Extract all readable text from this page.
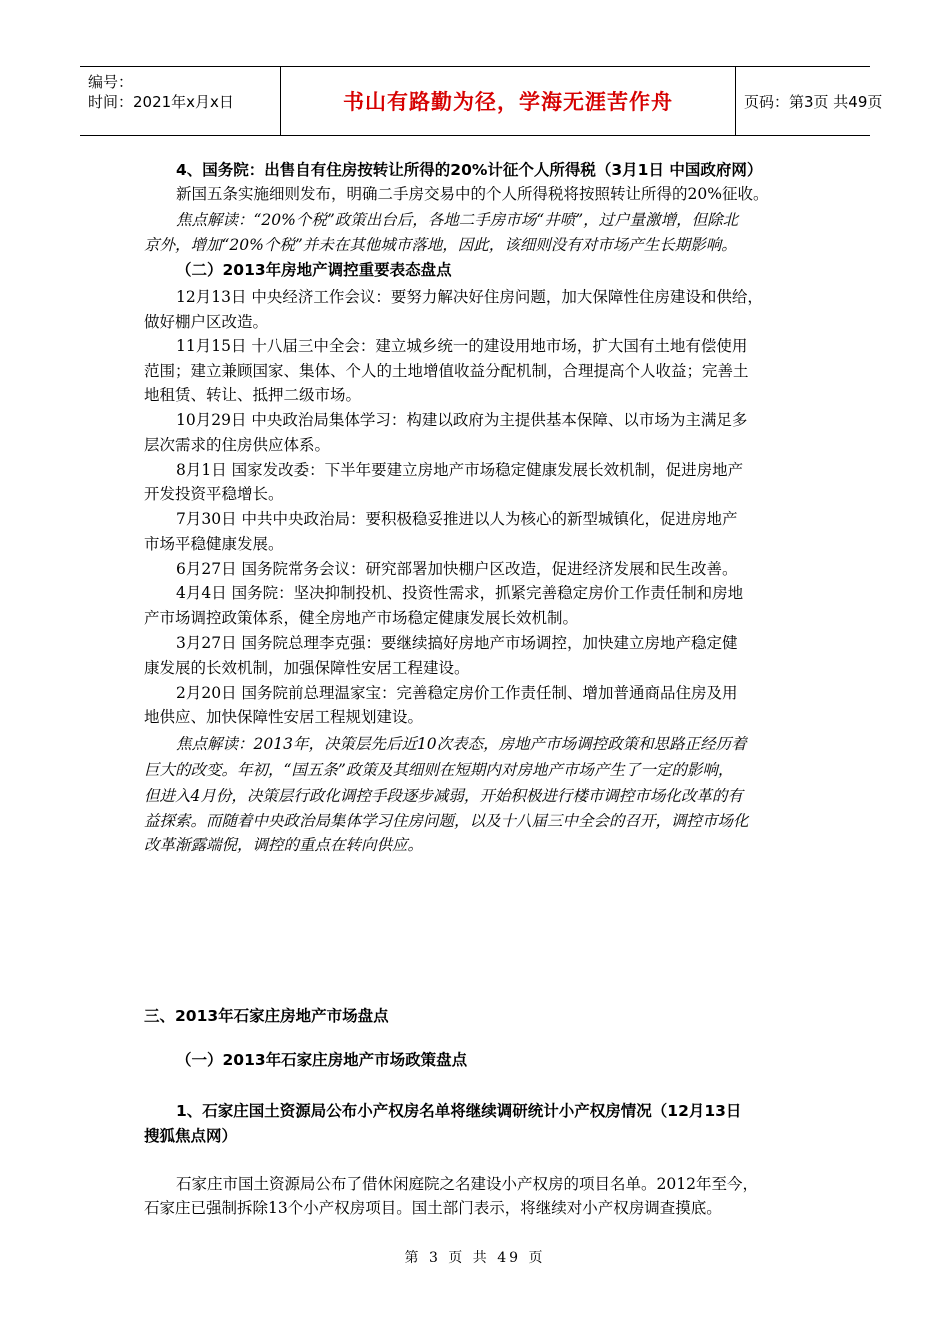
编号：
时间：2021年x月x日	书山有路勤为径，学海无涯苦作舟	页码：第3页 共49页
4、国务院：出售自有住房按转让所得的20%计征个人所得税（3月1日 中国政府网）
新国五条实施细则发布，明确二手房交易中的个人所得税将按照转让所得的20%征收。
焦点解读：“20%个税”政策出台后，各地二手房市场“井喷”，过户量激增，但除北
京外，增加“20%个税”并未在其他城市落地，因此，该细则没有对市场产生长期影响。
（二）2013年房地产调控重要表态盘点
12月13日 中央经济工作会议：要努力解决好住房问题，加大保障性住房建设和供给，
做好棚户区改造。
11月15日 十八届三中全会：建立城乡统一的建设用地市场，扩大国有土地有偿使用
范围；建立兼顾国家、集体、个人的土地增值收益分配机制，合理提高个人收益；完善土
地租赁、转让、抵押二级市场。
10月29日 中央政治局集体学习：构建以政府为主提供基本保障、以市场为主满足多
层次需求的住房供应体系。
8月1日 国家发改委：下半年要建立房地产市场稳定健康发展长效机制，促进房地产
开发投资平稳增长。
7月30日 中共中央政治局：要积极稳妥推进以人为核心的新型城镇化，促进房地产
市场平稳健康发展。
6月27日 国务院常务会议：研究部署加快棚户区改造，促进经济发展和民生改善。
4月4日 国务院：坚决抑制投机、投资性需求，抓紧完善稳定房价工作责任制和房地
产市场调控政策体系，健全房地产市场稳定健康发展长效机制。
3月27日 国务院总理李克强：要继续搞好房地产市场调控，加快建立房地产稳定健
康发展的长效机制，加强保障性安居工程建设。
2月20日 国务院前总理温家宝：完善稳定房价工作责任制、增加普通商品住房及用
地供应、加快保障性安居工程规划建设。
焦点解读：2013年，决策层先后近10次表态，房地产市场调控政策和思路正经历着
巨大的改变。年初，“国五条”政策及其细则在短期内对房地产市场产生了一定的影响，
但进入4月份，决策层行政化调控手段逐步减弱，开始积极进行楼市调控市场化改革的有
益探索。而随着中央政治局集体学习住房问题，以及十八届三中全会的召开，调控市场化
改革渐露端倪，调控的重点在转向供应。
三、2013年石家庄房地产市场盘点
（一）2013年石家庄房地产市场政策盘点
1、石家庄国土资源局公布小产权房名单将继续调研统计小产权房情况（12月13日
搜狐焦点网）
石家庄市国土资源局公布了借休闲庭院之名建设小产权房的项目名单。2012年至今，
石家庄已强制拆除13个小产权房项目。国土部门表示，将继续对小产权房调查摸底。
第 3 页 共 49 页
